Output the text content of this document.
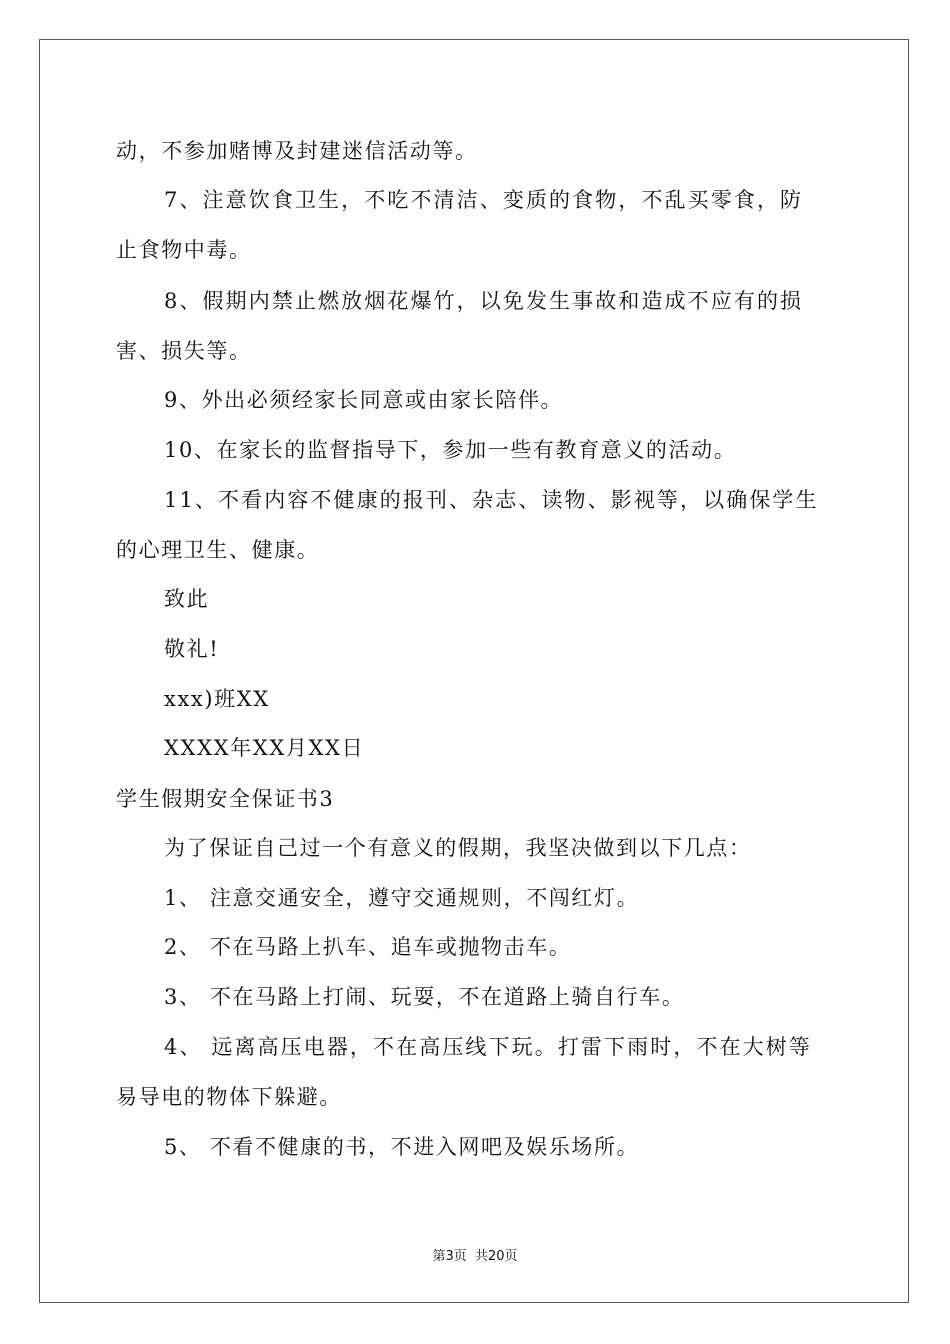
动，不参加赌博及封建迷信活动等。
7、注意饮食卫生，不吃不清洁、变质的食物，不乱买零食，防
止食物中毒。
8、假期内禁止燃放烟花爆竹，以免发生事故和造成不应有的损
害、损失等。
9、外出必须经家长同意或由家长陪伴。
10、在家长的监督指导下，参加一些有教育意义的活动。
11、不看内容不健康的报刊、杂志、读物、影视等，以确保学生
的心理卫生、健康。
致此
敬礼!
xxx)班XX
XXXX年XX月XX日
学生假期安全保证书3
为了保证自己过一个有意义的假期，我坚决做到以下几点：
1、 注意交通安全，遵守交通规则，不闯红灯。
2、 不在马路上扒车、追车或抛物击车。
3、 不在马路上打闹、玩耍，不在道路上骑自行车。
4、 远离高压电器，不在高压线下玩。打雷下雨时，不在大树等
易导电的物体下躲避。
5、 不看不健康的书，不进入网吧及娱乐场所。
第3页 共20页
